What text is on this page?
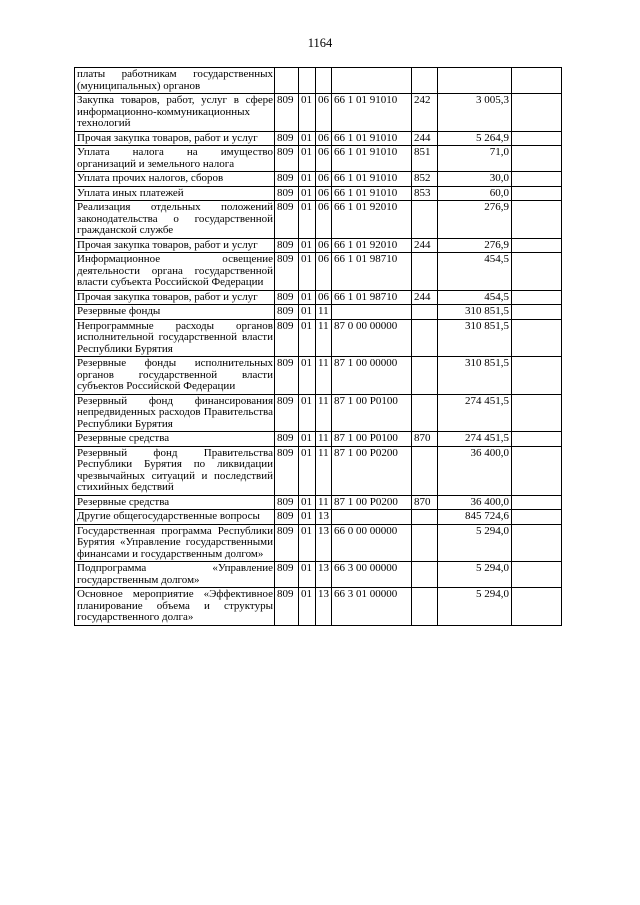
1164
платы работникам государственных (муниципальных) органов							
Закупка товаров, работ, услуг в сфере информационно-коммуникационных технологий	809	01	06	66 1 01 91010	242	3 005,3	
Прочая закупка товаров, работ и услуг	809	01	06	66 1 01 91010	244	5 264,9	
Уплата налога на имущество организаций и земельного налога	809	01	06	66 1 01 91010	851	71,0	
Уплата прочих налогов, сборов	809	01	06	66 1 01 91010	852	30,0	
Уплата иных платежей	809	01	06	66 1 01 91010	853	60,0	
Реализация отдельных положений законодательства о государственной гражданской службе	809	01	06	66 1 01 92010		276,9	
Прочая закупка товаров, работ и услуг	809	01	06	66 1 01 92010	244	276,9	
Информационное освещение деятельности органа государственной власти субъекта Российской Федерации	809	01	06	66 1 01 98710		454,5	
Прочая закупка товаров, работ и услуг	809	01	06	66 1 01 98710	244	454,5	
Резервные фонды	809	01	11			310 851,5	
Непрограммные расходы органов исполнительной государственной власти Республики Бурятия	809	01	11	87 0 00 00000		310 851,5	
Резервные фонды исполнительных органов государственной власти субъектов Российской Федерации	809	01	11	87 1 00 00000		310 851,5	
Резервный фонд финансирования непредвиденных расходов Правительства Республики Бурятия	809	01	11	87 1 00 Р0100		274 451,5	
Резервные средства	809	01	11	87 1 00 Р0100	870	274 451,5	
Резервный фонд Правительства Республики Бурятия по ликвидации чрезвычайных ситуаций и последствий стихийных бедствий	809	01	11	87 1 00 Р0200		36 400,0	
Резервные средства	809	01	11	87 1 00 Р0200	870	36 400,0	
Другие общегосударственные вопросы	809	01	13			845 724,6	
Государственная программа Республики Бурятия «Управление государственными финансами и государственным долгом»	809	01	13	66 0 00 00000		5 294,0	
Подпрограмма «Управление государственным долгом»	809	01	13	66 3 00 00000		5 294,0	
Основное мероприятие «Эффективное планирование объема и структуры государственного долга»	809	01	13	66 3 01 00000		5 294,0	
